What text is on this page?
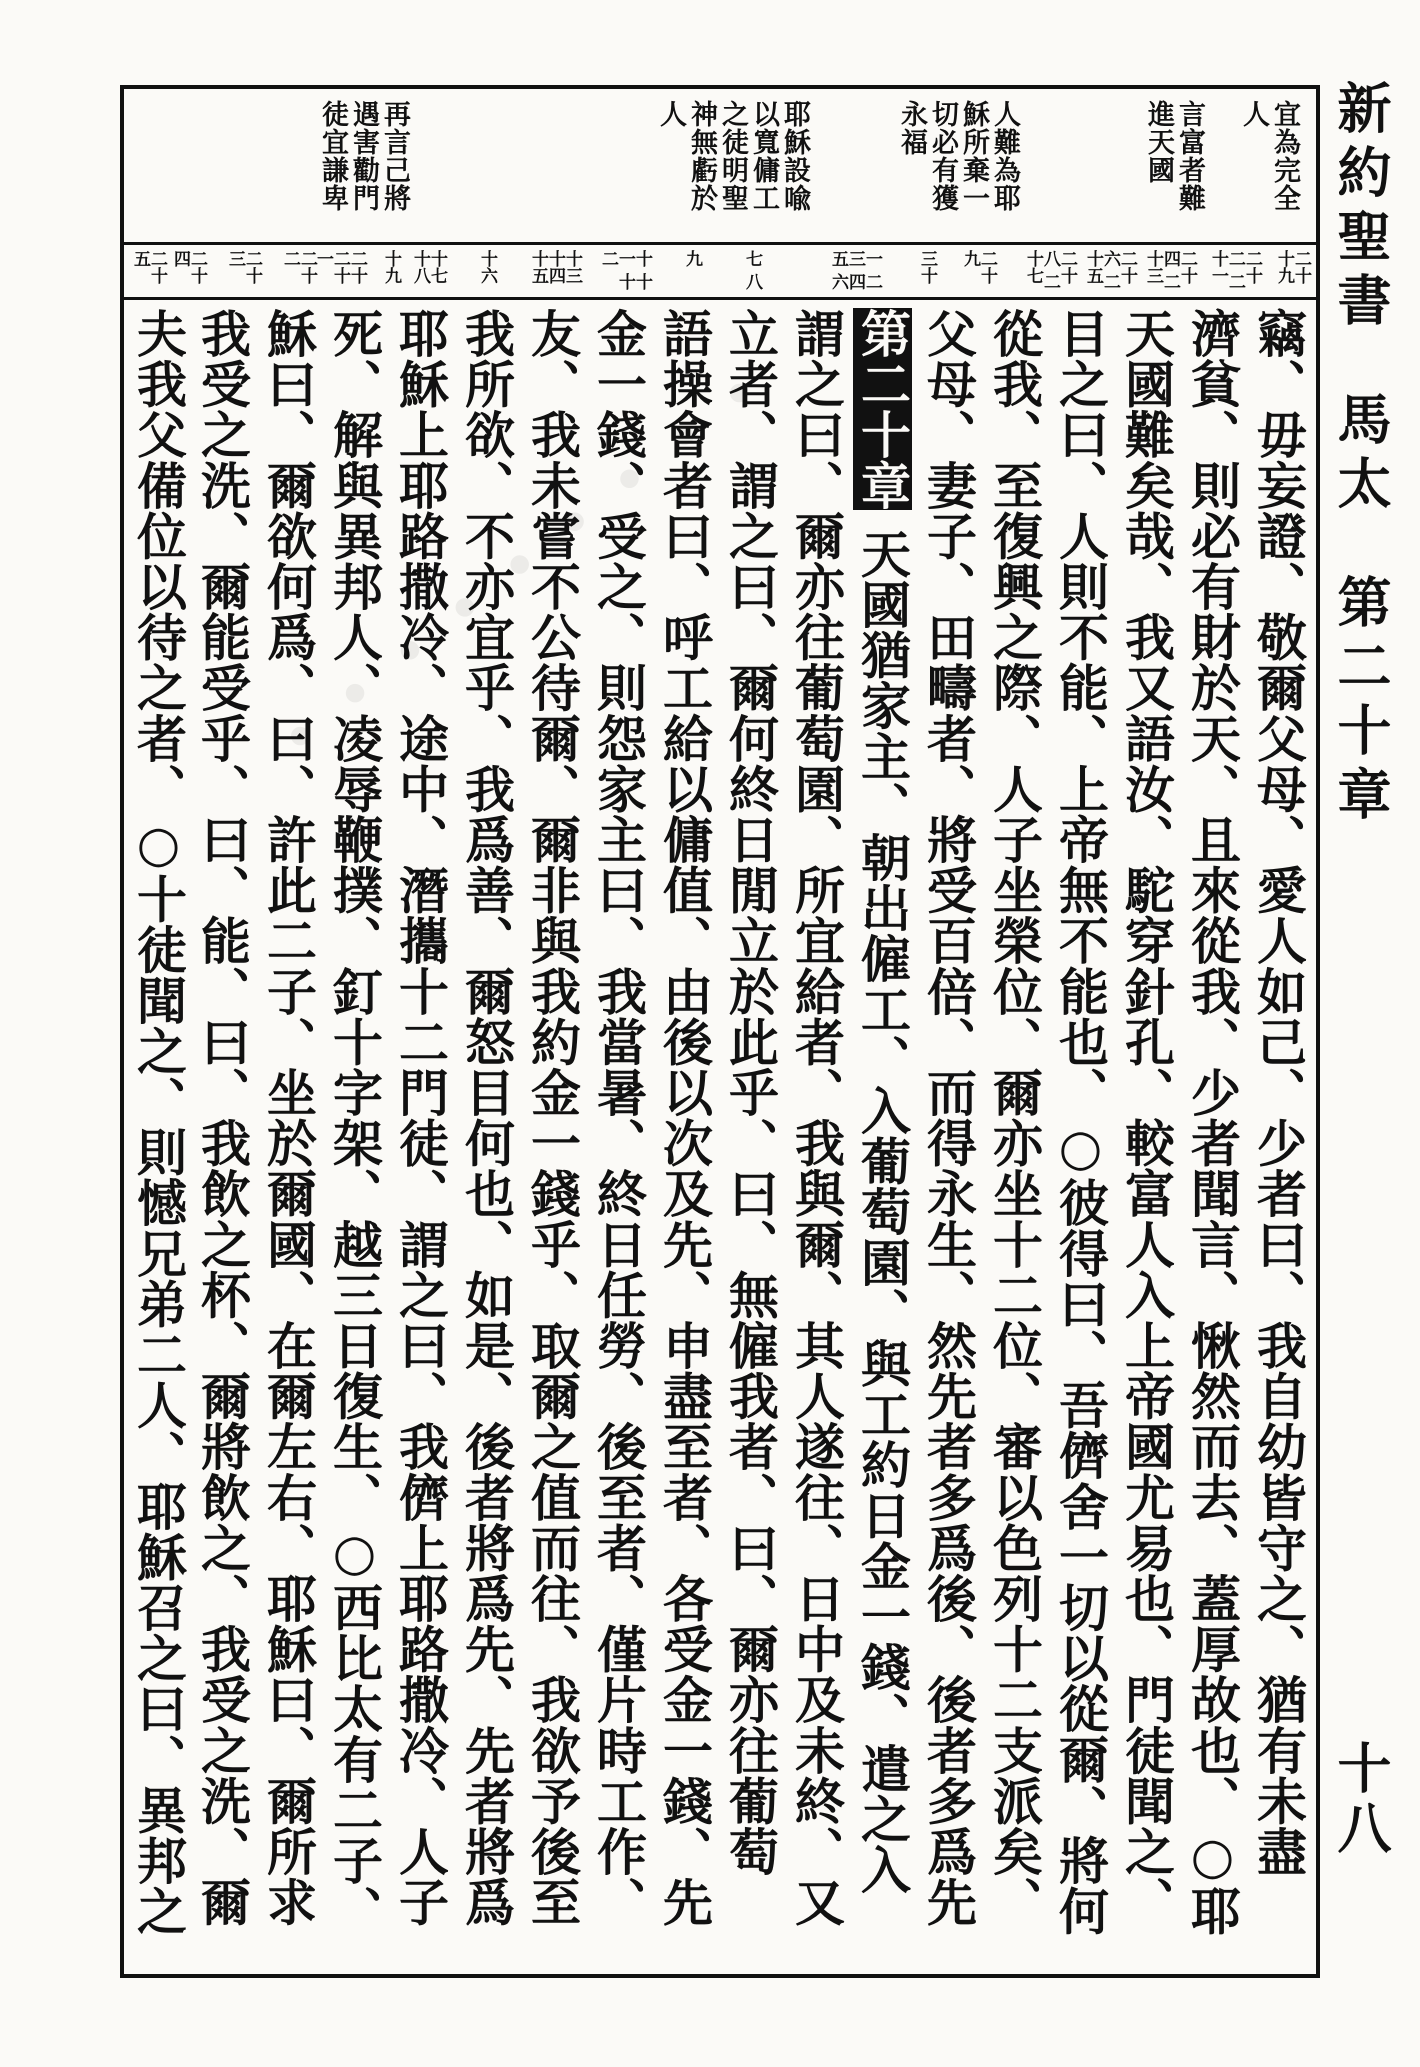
· · · · · · · · ·
新約聖書馬太第二十章
十八
宜為完全人
言富者難進天國
人難為耶穌所棄一切必有獲永福
耶穌設喩以寬傭工之徒明聖神無虧於人
再言己將遇害勸門徒宜謙卑
二十十九
二十二 二十一
二十四 二十三
二十六 二十五
二十八 二十七
二十九
三十
一 二 三 四 五 六
七 八
九
十 十一 十二
十三 十四 十五
十六
十七 十八
十九
二十 二十一
二十二
二十三
二十四
二十五
竊、毋妄證、敬爾父母、愛人如己、少者曰、我自幼皆守之、猶有未盡
濟貧、則必有財於天、且來從我、少者聞言、愀然而去、蓋厚故也、○耶
天國難矣哉、我又語汝、駝穿針孔、較富人入上帝國尤易也、門徒聞之、
目之曰、人則不能、上帝無不能也、○彼得曰、吾儕舍一切以從爾、將何
從我、至復興之際、人子坐榮位、爾亦坐十二位、審以色列十二支派矣、
父母、妻子、田疇者、將受百倍、而得永生、然先者多爲後、後者多爲先
第二十章 天國猶家主、朝出僱工、入葡萄園、與工約日金一錢、遣之入
謂之曰、爾亦往葡萄園、所宜給者、我與爾、其人遂往、日中及未終、又
立者、謂之曰、爾何終日閒立於此乎、曰、無僱我者、曰、爾亦往葡萄
語操會者曰、呼工給以傭值、由後以次及先、申盡至者、各受金一錢、先
金一錢、受之、則怨家主曰、我當暑、終日任勞、後至者、僅片時工作、
友、我未嘗不公待爾、爾非與我約金一錢乎、取爾之值而往、我欲予後至
我所欲、不亦宜乎、我爲善、爾怒目何也、如是、後者將爲先、先者將爲
耶穌上耶路撒冷、途中、潛攜十二門徒、謂之曰、我儕上耶路撒冷、人子
死、解與異邦人、凌辱鞭撲、釘十字架、越三日復生、○西比太有二子、
穌曰、爾欲何爲、曰、許此二子、坐於爾國、在爾左右、耶穌曰、爾所求
我受之洗、爾能受乎、曰、能、曰、我飲之杯、爾將飲之、我受之洗、爾
夫我父備位以待之者、○十徒聞之、則憾兄弟二人、耶穌召之曰、異邦之
